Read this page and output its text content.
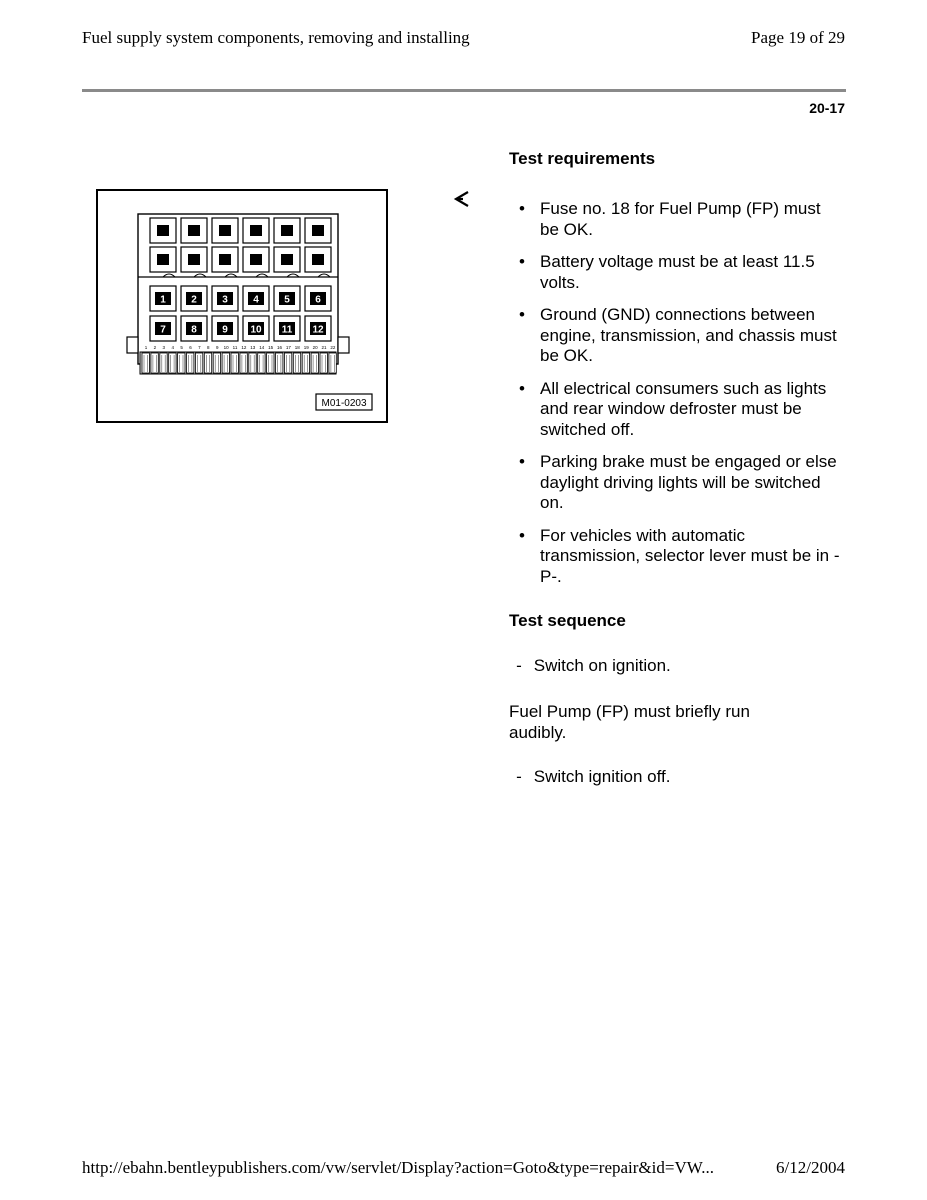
Fuel supply system components, removing and installing	Page 19 of 29
20-17
1	2	3	4	5	6
7	8	9 10 11 12
1 2 3 4 5 6 7 8 9 10 11 12 13 14 15 16 17 18 19 20 21 22
M01-0203
Test requirements
• Fuse no. 18 for Fuel Pump (FP) must be OK.
• Battery voltage must be at least 11.5 volts.
• Ground (GND) connections between engine, transmission, and chassis must be OK.
• All electrical consumers such as lights and rear window defroster must be switched off.
• Parking brake must be engaged or else daylight driving lights will be switched on.
• For vehicles with automatic transmission, selector lever must be in -P-.
Test sequence
- Switch on ignition.
Fuel Pump (FP) must briefly run audibly.
- Switch ignition off.
http://ebahn.bentleypublishers.com/vw/servlet/Display?action=Goto&type=repair&id=VW...	6/12/2004
